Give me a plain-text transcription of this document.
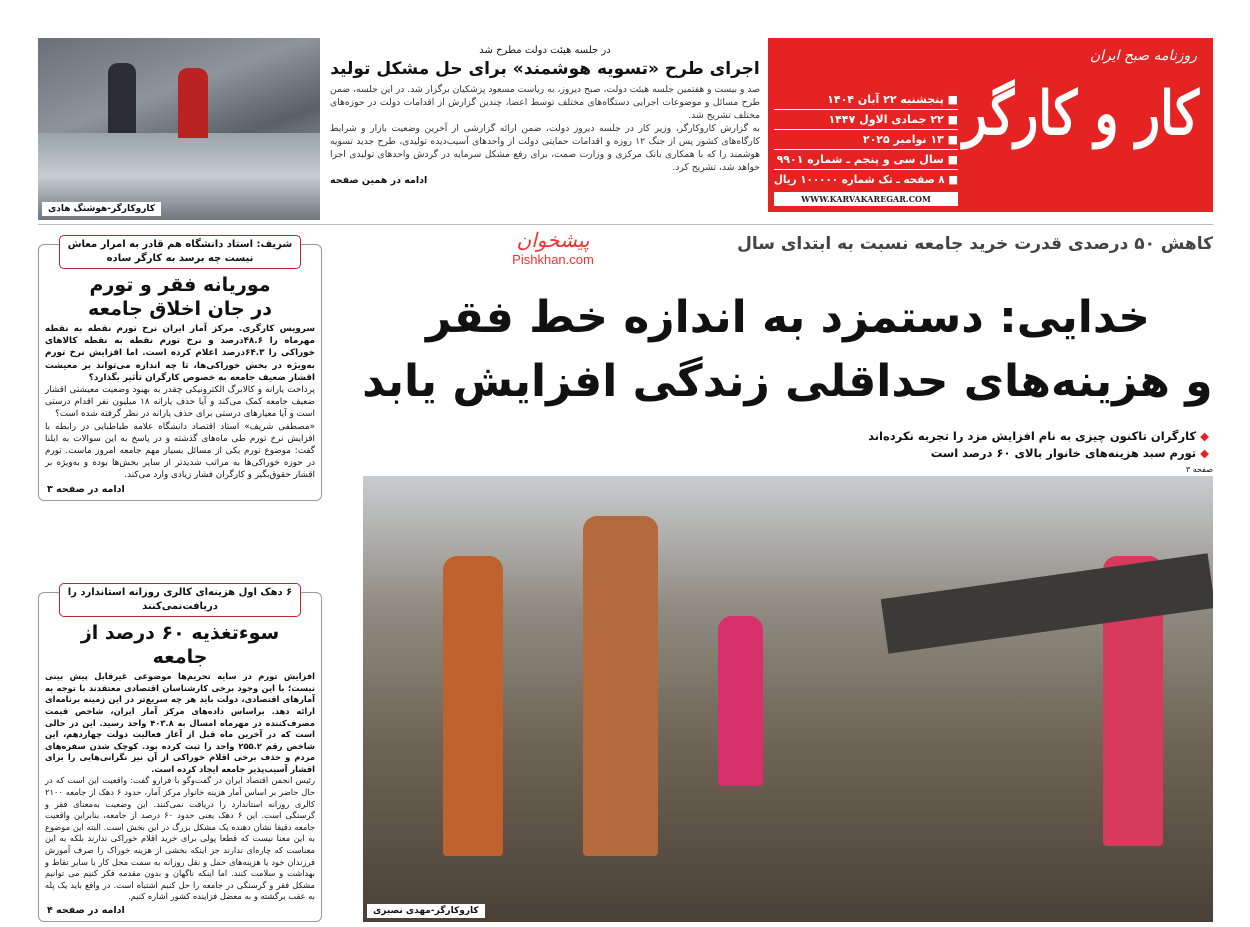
کاروکارگر-هوشنگ هادی
در جلسه هیئت دولت مطرح شد
اجرای طرح «تسویه هوشمند» برای حل مشکل تولید

صد و بیست و هفتمین جلسه هیئت دولت، صبح دیروز، به ریاست مسعود پزشکیان برگزار شد. در این جلسه، ضمن طرح مسائل و موضوعات اجرایی دستگاه‌های مختلف توسط اعضا، چندین گزارش از اقدامات دولت در حوزه‌های مختلف تشریح شد.

به گزارش کاروکارگر، وزیر کار در جلسه دیروز دولت، ضمن ارائه گزارشی از آخرین وضعیت بازار و شرایط کارگاه‌های کشور پس از جنگ ۱۲ روزه و اقدامات حمایتی دولت از واحدهای آسیب‌دیده تولیدی، طرح جدید تسویه هوشمند را که با همکاری بانک مرکزی و وزارت صمت، برای رفع مشکل سرمایه در گردش واحدهای تولیدی اجرا خواهد شد، تشریح کرد.

ادامه در همین صفحه
روزنامه صبح ایران
کار و کارگر
■ پنجشنبه ۲۲ آبان ۱۴۰۴
■ ۲۲ جمادی الاول ۱۴۴۷
■ ۱۳ نوامبر ۲۰۲۵
■ سال سی و پنجم ـ شماره ۹۹۰۱
■ ۸ صفحه ـ تک شماره ۱۰۰۰۰۰ ریال
WWW.KARVAKAREGAR.COM
شریف: استاد دانشگاه هم قادر به امرار معاش نیست چه برسد به کارگر ساده
موریانه فقر و تورم در جان اخلاق جامعه

سرویس کارگری. مرکز آمار ایران نرخ تورم نقطه به نقطه مهرماه را ۴۸.۶درصد و نرخ تورم نقطه به نقطه کالاهای خوراکی را ۶۴.۳درصد اعلام کرده است. اما افزایش نرخ تورم به‌ویژه در بخش خوراکی‌ها، تا چه اندازه می‌تواند بر معیشت اقشار ضعیف جامعه به خصوص کارگران تأثیر بگذارد؟

پرداخت یارانه و کالابرگ الکترونیکی چقدر به بهبود وضعیت معیشتی اقشار ضعیف جامعه کمک می‌کند و آیا حذف یارانه ۱۸ میلیون نفر اقدام درستی است و آیا معیارهای درستی برای حذف یارانه در نظر گرفته شده است؟

«مصطفی شریف» استاد اقتصاد دانشگاه علامه طباطبایی در رابطه با افزایش نرخ تورم طی ماه‌های گذشته و در پاسخ به این سوالات به ایلنا گفت: موضوع تورم یکی از مسائل بسیار مهم جامعه امروز ماست. تورم در حوزه خوراکی‌ها به مراتب شدیدتر از سایر بخش‌ها بوده و به‌ویژه بر اقشار حقوق‌بگیر و کارگران فشار زیادی وارد می‌کند.

ادامه در صفحه ۳
۶ دهک اول هزینه‌ای کالری روزانه استاندارد را دریافت‌نمی‌کنند
سوءتغذیه ۶۰ درصد از جامعه

افزایش تورم در سایه تحریم‌ها موضوعی غیرقابل پیش بینی نیست؛ با این وجود برخی کارشناسان اقتصادی معتقدند با توجه به آمارهای اقتصادی، دولت باید هر چه سریع‌تر در این زمینه برنامه‌ای ارائه دهد. براساس داده‌های مرکز آمار ایران، شاخص قیمت مصرف‌کننده در مهرماه امسال به ۴۰۳.۸ واحد رسید. این در حالی است که در آخرین ماه قبل از آغاز فعالیت دولت چهاردهم، این شاخص رقم ۲۵۵.۲ واحد را ثبت کرده بود. کوچک شدن سفره‌های مردم و حذف برخی اقلام خوراکی از آن نیز نگرانی‌هایی را برای اقشار آسیب‌پذیر جامعه ایجاد کرده است.

رئیس انجمن اقتصاد ایران در گفت‌وگو با فرارو گفت: واقعیت این است که در حال حاضر بر اساس آمار هزینه خانوار مرکز آمار، حدود ۶ دهک از جامعه ۲۱۰۰ کالری روزانه استاندارد را دریافت نمی‌کنند. این وضعیت به‌معنای فقر و گرسنگی است. این ۶ دهک یعنی حدود ۶۰ درصد از جامعه، بنابراین واقعیت جامعه دقیقا نشان دهنده یک مشکل بزرگ در این بخش است. البته این موضوع به این معنا نیست که قطعا پولی برای خرید اقلام خوراکی ندارند بلکه به این معناست که چاره‌ای ندارند جز اینکه بخشی از هزینه خوراک را صرف آموزش فرزندان خود یا هزینه‌های حمل و نقل روزانه به سمت محل کار یا سایر نقاط و بهداشت و سلامت کنند. اما اینکه ناگهان و بدون مقدمه فکر کنیم می توانیم مشکل فقر و گرسنگی در جامعه را حل کنیم اشتباه است. در واقع باید یک پله به عقب برگشته و به معضل فزاینده کشور اشاره کنیم.

ادامه در صفحه ۴
پیشخوان
Pishkhan.com
کاهش ۵۰ درصدی قدرت خرید جامعه نسبت به ابتدای سال
خدایی: دستمزد به اندازه خط فقر
و هزینه‌های حداقلی زندگی افزایش یابد
◆ کارگران تاکنون چیزی به نام افزایش مزد را تجربه نکرده‌اند
◆ تورم سبد هزینه‌های خانوار بالای ۶۰ درصد است
صفحه ۳
کاروکارگر-مهدی نصیری
